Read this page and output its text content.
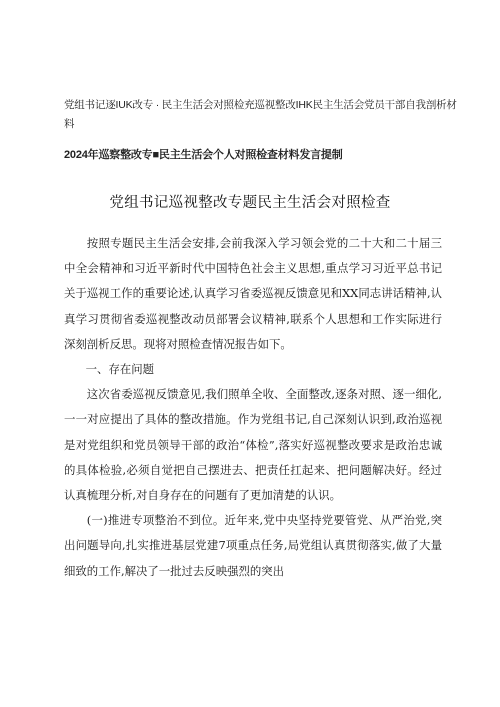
党组书记逐IUK改专 · 民主生活会对照检充巡视整改IHK民主生活会党员干部自我剖析材料
2024年巡察整改专■民主生活会个人对照检查材料发言提制
党组书记巡视整改专题民主生活会对照检查

按照专题民主生活会安排,会前我深入学习领会党的二十大和二十届三中全会精神和习近平新时代中国特色社会主义思想,重点学习习近平总书记关于巡视工作的重要论述,认真学习省委巡视反馈意见和XX同志讲话精神,认真学习贯彻省委巡视整改动员部署会议精神,联系个人思想和工作实际进行深刻剖析反思。现将对照检查情况报告如下。

一、存在问题

这次省委巡视反馈意见,我们照单全收、全面整改,逐条对照、逐一细化,一一对应提出了具体的整改措施。作为党组书记,自己深刻认识到,政治巡视是对党组织和党员领导干部的政治“体检”,落实好巡视整改要求是政治忠诚的具体检验,必须自觉把自己摆进去、把责任扛起来、把问题解决好。经过认真梳理分析,对自身存在的问题有了更加清楚的认识。

(一)推进专项整治不到位。近年来,党中央坚持党要管党、从严治党,突出问题导向,扎实推进基层党建7项重点任务,局党组认真贯彻落实,做了大量细致的工作,解决了一批过去反映强烈的突出
